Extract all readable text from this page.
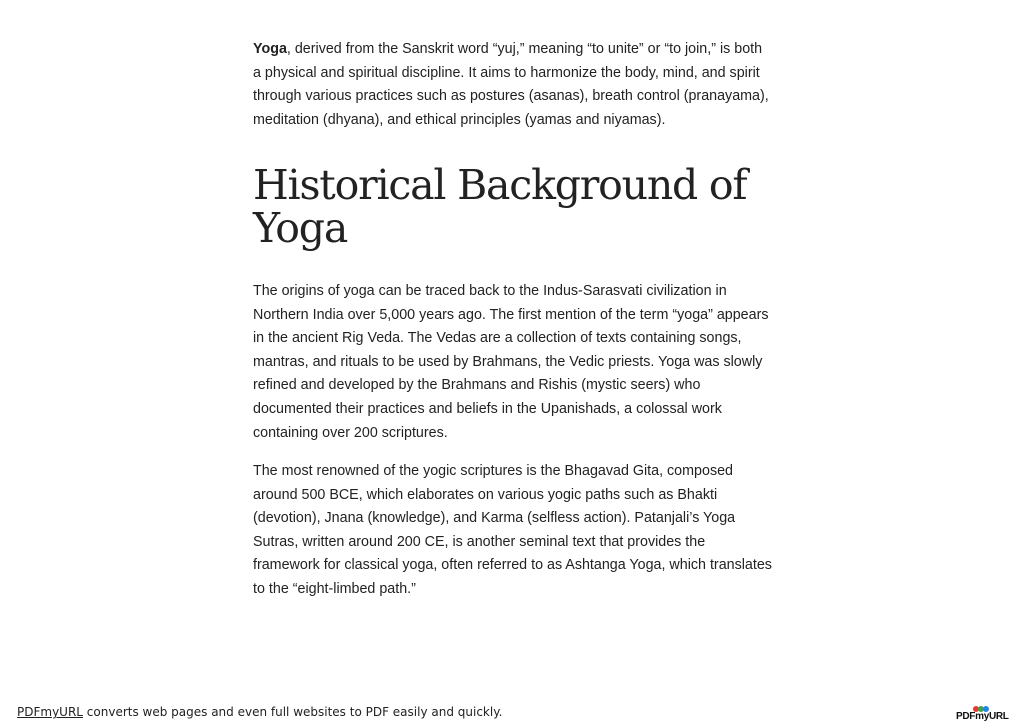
Yoga, derived from the Sanskrit word “yuj,” meaning “to unite” or “to join,” is both a physical and spiritual discipline. It aims to harmonize the body, mind, and spirit through various practices such as postures (asanas), breath control (pranayama), meditation (dhyana), and ethical principles (yamas and niyamas).

Historical Background of Yoga

The origins of yoga can be traced back to the Indus-Sarasvati civilization in Northern India over 5,000 years ago. The first mention of the term “yoga” appears in the ancient Rig Veda. The Vedas are a collection of texts containing songs, mantras, and rituals to be used by Brahmans, the Vedic priests. Yoga was slowly refined and developed by the Brahmans and Rishis (mystic seers) who documented their practices and beliefs in the Upanishads, a colossal work containing over 200 scriptures.

The most renowned of the yogic scriptures is the Bhagavad Gita, composed around 500 BCE, which elaborates on various yogic paths such as Bhakti (devotion), Jnana (knowledge), and Karma (selfless action). Patanjali’s Yoga Sutras, written around 200 CE, is another seminal text that provides the framework for classical yoga, often referred to as Ashtanga Yoga, which translates to the “eight-limbed path.”

PDFmyURL converts web pages and even full websites to PDF easily and quickly.	PDFmyURL
